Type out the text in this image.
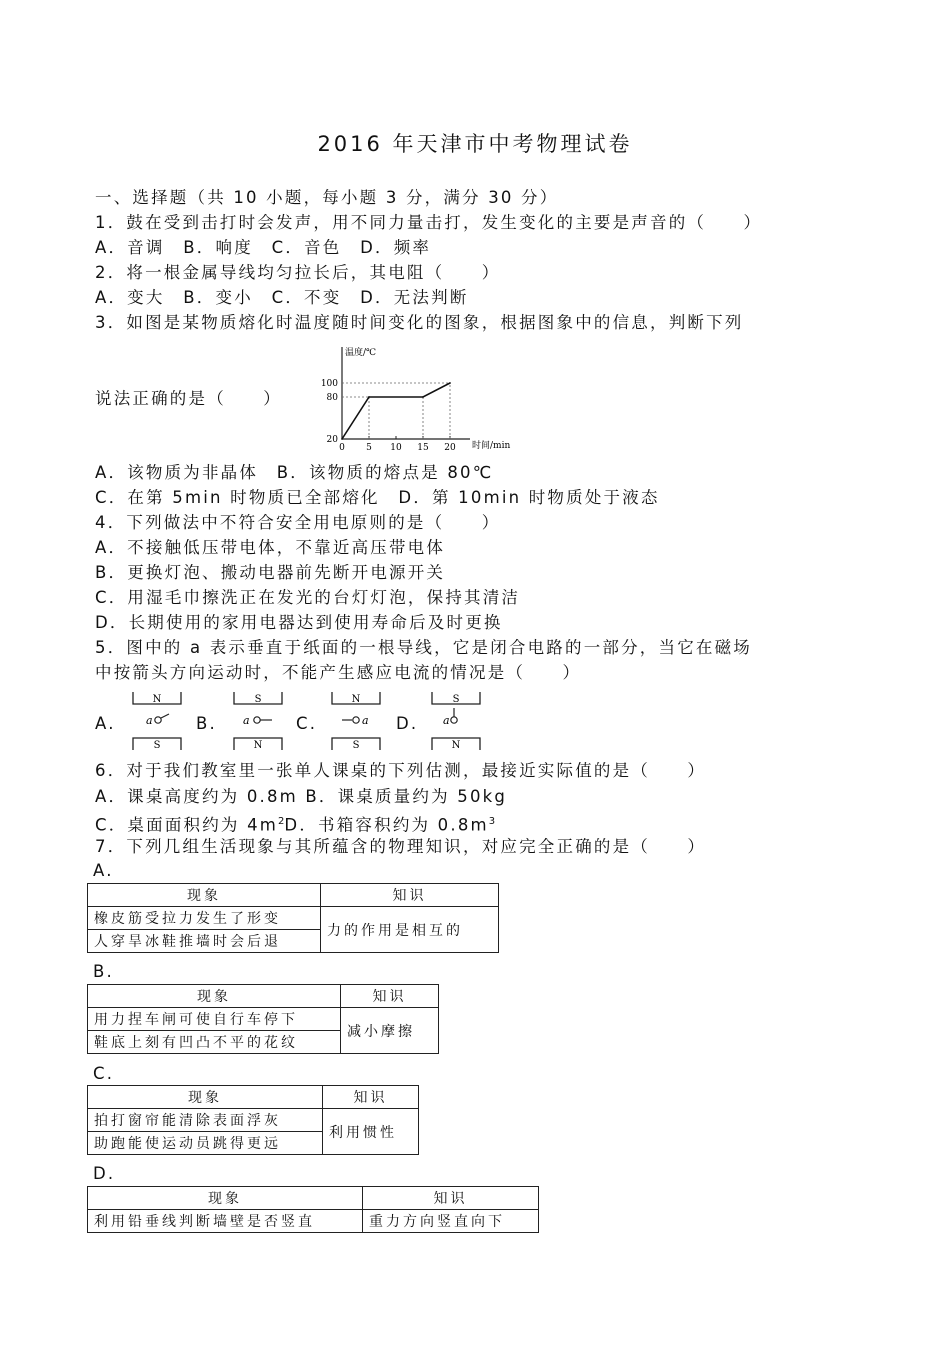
2016 年天津市中考物理试卷
一、选择题（共 10 小题，每小题 3 分，满分 30 分）
1．鼓在受到击打时会发声，用不同力量击打，发生变化的主要是声音的（　　）
A．音调　B．响度　C．音色　D．频率
2．将一根金属导线均匀拉长后，其电阻（　　）
A．变大　B．变小　C．不变　D．无法判断
3．如图是某物质熔化时温度随时间变化的图象，根据图象中的信息，判断下列
说法正确的是（　　）
温度/℃
时间/min
20
80
100
0 5 10 15 20
A．该物质为非晶体　B．该物质的熔点是 80℃
C．在第 5min 时物质已全部熔化　D．第 10min 时物质处于液态
4．下列做法中不符合安全用电原则的是（　　）
A．不接触低压带电体，不靠近高压带电体
B．更换灯泡、搬动电器前先断开电源开关
C．用湿毛巾擦洗正在发光的台灯灯泡，保持其清洁
D．长期使用的家用电器达到使用寿命后及时更换
5．图中的 a 表示垂直于纸面的一根导线，它是闭合电路的一部分，当它在磁场
中按箭头方向运动时，不能产生感应电流的情况是（　　）
A.
N
a
S
B.
S
a
N
C.
N
a
S
D.
S
a
N
6．对于我们教室里一张单人课桌的下列估测，最接近实际值的是（　　）
A．课桌高度约为 0.8m B．课桌质量约为 50kg
C．桌面面积约为 $4m^2D$．书箱容积约为 $0.8m^3$
7．下列几组生活现象与其所蕴含的物理知识，对应完全正确的是（　　）
A.
现象	知识
橡皮筋受拉力发生了形变	力的作用是相互的
人穿旱冰鞋推墙时会后退	
B.
现象	知识
用力捏车闸可使自行车停下	减小摩擦
鞋底上刻有凹凸不平的花纹	
C.
现象	知识
拍打窗帘能清除表面浮灰	利用惯性
助跑能使运动员跳得更远	
D.
现象	知识
利用铅垂线判断墙壁是否竖直	重力方向竖直向下
